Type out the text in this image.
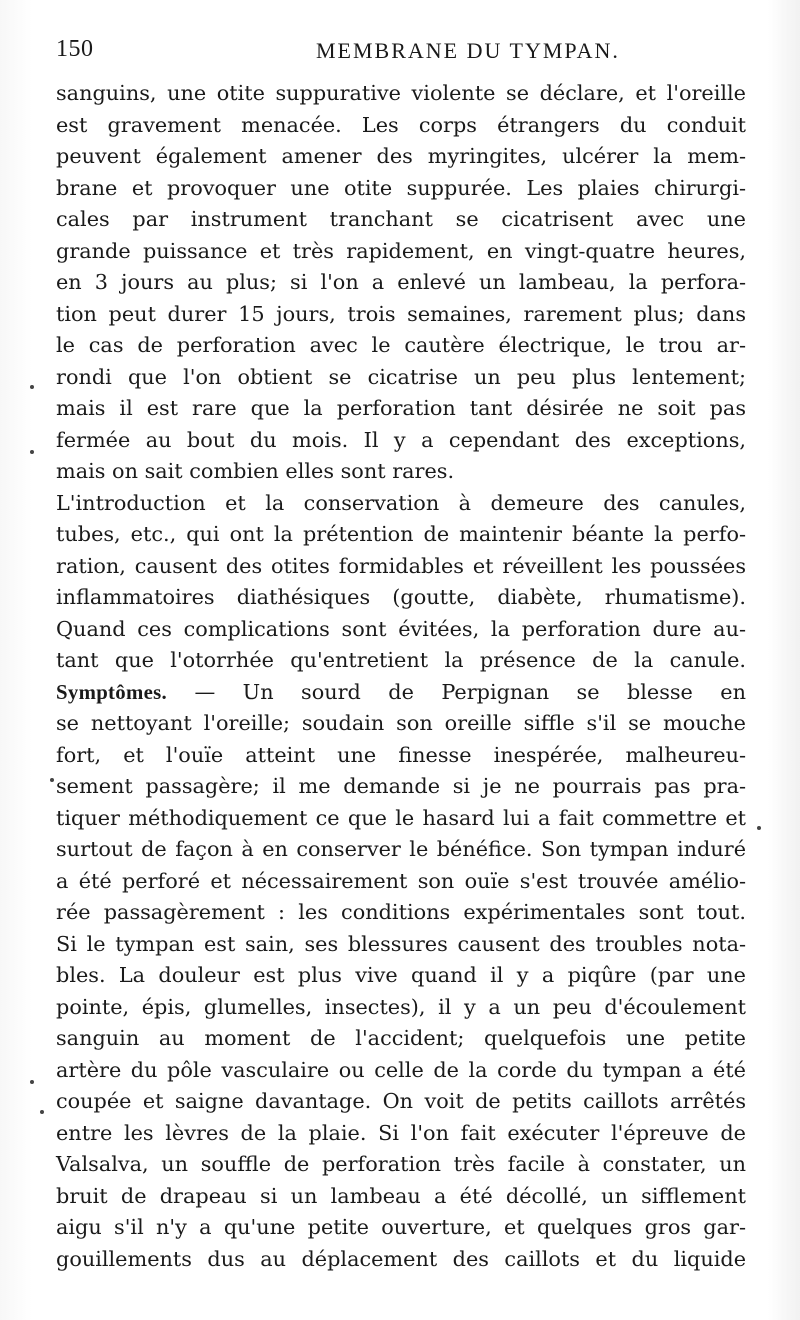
150	MEMBRANE DU TYMPAN.
sanguins, une otite suppurative violente se déclare, et l'oreille
est gravement menacée. Les corps étrangers du conduit
peuvent également amener des myringites, ulcérer la mem-
brane et provoquer une otite suppurée. Les plaies chirurgi-
cales par instrument tranchant se cicatrisent avec une
grande puissance et très rapidement, en vingt-quatre heures,
en 3 jours au plus; si l'on a enlevé un lambeau, la perfora-
tion peut durer 15 jours, trois semaines, rarement plus; dans
le cas de perforation avec le cautère électrique, le trou ar-
rondi que l'on obtient se cicatrise un peu plus lentement;
mais il est rare que la perforation tant désirée ne soit pas
fermée au bout du mois. Il y a cependant des exceptions,
mais on sait combien elles sont rares.
L'introduction et la conservation à demeure des canules,
tubes, etc., qui ont la prétention de maintenir béante la perfo-
ration, causent des otites formidables et réveillent les poussées
inflammatoires diathésiques (goutte, diabète, rhumatisme).
Quand ces complications sont évitées, la perforation dure au-
tant que l'otorrhée qu'entretient la présence de la canule.
Symptômes. — Un sourd de Perpignan se blesse en
se nettoyant l'oreille; soudain son oreille siffle s'il se mouche
fort, et l'ouïe atteint une finesse inespérée, malheureu-
sement passagère; il me demande si je ne pourrais pas pra-
tiquer méthodiquement ce que le hasard lui a fait commettre et
surtout de façon à en conserver le bénéfice. Son tympan induré
a été perforé et nécessairement son ouïe s'est trouvée amélio-
rée passagèrement : les conditions expérimentales sont tout.
Si le tympan est sain, ses blessures causent des troubles nota-
bles. La douleur est plus vive quand il y a piqûre (par une
pointe, épis, glumelles, insectes), il y a un peu d'écoulement
sanguin au moment de l'accident; quelquefois une petite
artère du pôle vasculaire ou celle de la corde du tympan a été
coupée et saigne davantage. On voit de petits caillots arrêtés
entre les lèvres de la plaie. Si l'on fait exécuter l'épreuve de
Valsalva, un souffle de perforation très facile à constater, un
bruit de drapeau si un lambeau a été décollé, un sifflement
aigu s'il n'y a qu'une petite ouverture, et quelques gros gar-
gouillements dus au déplacement des caillots et du liquide
